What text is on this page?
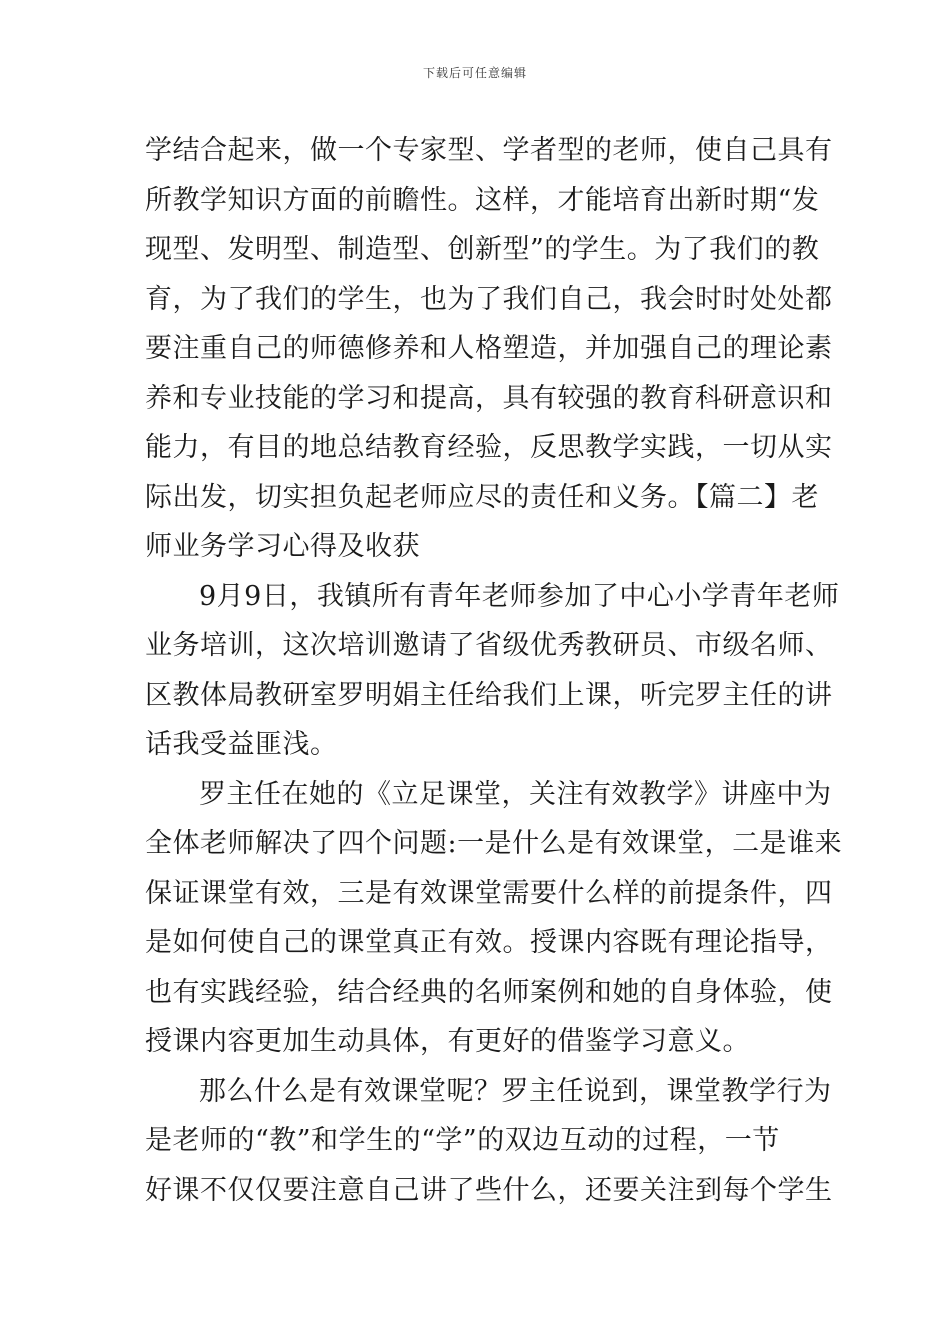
下载后可任意编辑
学结合起来，做一个专家型、学者型的老师，使自己具有
所教学知识方面的前瞻性。这样，才能培育出新时期“发
现型、发明型、制造型、创新型”的学生。为了我们的教
育，为了我们的学生，也为了我们自己，我会时时处处都
要注重自己的师德修养和人格塑造，并加强自己的理论素
养和专业技能的学习和提高，具有较强的教育科研意识和
能力，有目的地总结教育经验，反思教学实践，一切从实
际出发，切实担负起老师应尽的责任和义务。【篇二】老
师业务学习心得及收获
9月9日，我镇所有青年老师参加了中心小学青年老师
业务培训，这次培训邀请了省级优秀教研员、市级名师、
区教体局教研室罗明娟主任给我们上课，听完罗主任的讲
话我受益匪浅。
罗主任在她的《立足课堂，关注有效教学》讲座中为
全体老师解决了四个问题:一是什么是有效课堂，二是谁来
保证课堂有效，三是有效课堂需要什么样的前提条件，四
是如何使自己的课堂真正有效。授课内容既有理论指导，
也有实践经验，结合经典的名师案例和她的自身体验，使
授课内容更加生动具体，有更好的借鉴学习意义。
那么什么是有效课堂呢？罗主任说到，课堂教学行为
是老师的“教”和学生的“学”的双边互动的过程，一节
好课不仅仅要注意自己讲了些什么，还要关注到每个学生
